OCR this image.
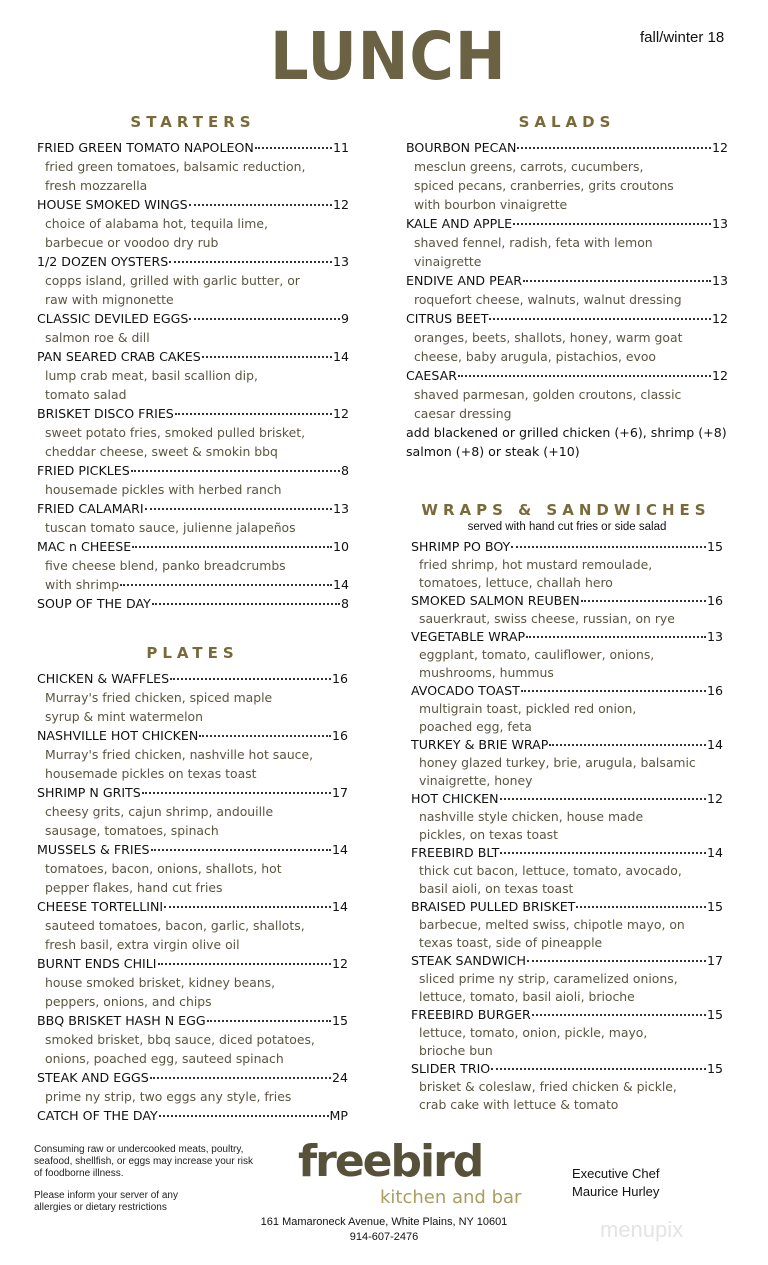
LUNCH	fall/winter 18
STARTERS
FRIED GREEN TOMATO NAPOLEON	11
fried green tomatoes, balsamic reduction,
fresh mozzarella
HOUSE SMOKED WINGS	12
choice of alabama hot, tequila lime,
barbecue or voodoo dry rub
1/2 DOZEN OYSTERS	13
copps island, grilled with garlic butter, or
raw with mignonette
CLASSIC DEVILED EGGS	9
salmon roe & dill
PAN SEARED CRAB CAKES	14
lump crab meat, basil scallion dip,
tomato salad
BRISKET DISCO FRIES	12
sweet potato fries, smoked pulled brisket,
cheddar cheese, sweet & smokin bbq
FRIED PICKLES	8
housemade pickles with herbed ranch
FRIED CALAMARI	13
tuscan tomato sauce, julienne jalapeños
MAC n CHEESE	10
five cheese blend, panko breadcrumbs
with shrimp	14
SOUP OF THE DAY	8
PLATES
CHICKEN & WAFFLES	16
Murray's fried chicken, spiced maple
syrup & mint watermelon
NASHVILLE HOT CHICKEN	16
Murray's fried chicken, nashville hot sauce,
housemade pickles on texas toast
SHRIMP N GRITS	17
cheesy grits, cajun shrimp, andouille
sausage, tomatoes, spinach
MUSSELS & FRIES	14
tomatoes, bacon, onions, shallots, hot
pepper flakes, hand cut fries
CHEESE TORTELLINI	14
sauteed tomatoes, bacon, garlic, shallots,
fresh basil, extra virgin olive oil
BURNT ENDS CHILI	12
house smoked brisket, kidney beans,
peppers, onions, and chips
BBQ BRISKET HASH N EGG	15
smoked brisket, bbq sauce, diced potatoes,
onions, poached egg, sauteed spinach
STEAK AND EGGS	24
prime ny strip, two eggs any style, fries
CATCH OF THE DAY	MP
SALADS
BOURBON PECAN	12
mesclun greens, carrots, cucumbers,
spiced pecans, cranberries, grits croutons
with bourbon vinaigrette
KALE AND APPLE	13
shaved fennel, radish, feta with lemon
vinaigrette
ENDIVE AND PEAR	13
roquefort cheese, walnuts, walnut dressing
CITRUS BEET	12
oranges, beets, shallots, honey, warm goat
cheese, baby arugula, pistachios, evoo
CAESAR	12
shaved parmesan, golden croutons, classic
caesar dressing
add blackened or grilled chicken (+6), shrimp (+8) salmon (+8) or steak (+10)
WRAPS & SANDWICHES
served with hand cut fries or side salad
SHRIMP PO BOY	15
fried shrimp, hot mustard remoulade,
tomatoes, lettuce, challah hero
SMOKED SALMON REUBEN	16
sauerkraut, swiss cheese, russian, on rye
VEGETABLE WRAP	13
eggplant, tomato, cauliflower, onions,
mushrooms, hummus
AVOCADO TOAST	16
multigrain toast, pickled red onion,
poached egg, feta
TURKEY & BRIE WRAP	14
honey glazed turkey, brie, arugula, balsamic
vinaigrette, honey
HOT CHICKEN	12
nashville style chicken, house made
pickles, on texas toast
FREEBIRD BLT	14
thick cut bacon, lettuce, tomato, avocado,
basil aioli, on texas toast
BRAISED PULLED BRISKET	15
barbecue, melted swiss, chipotle mayo, on
texas toast, side of pineapple
STEAK SANDWICH	17
sliced prime ny strip, caramelized onions,
lettuce, tomato, basil aioli, brioche
FREEBIRD BURGER	15
lettuce, tomato, onion, pickle, mayo,
brioche bun
SLIDER TRIO	15
brisket & coleslaw, fried chicken & pickle,
crab cake with lettuce & tomato
Consuming raw or undercooked meats, poultry, seafood, shellfish, or eggs may increase your risk of foodborne illness.
Please inform your server of any allergies or dietary restrictions
menupix
freebird
kitchen and bar
161 Mamaroneck Avenue, White Plains, NY 10601
914-607-2476
Executive Chef
Maurice Hurley
